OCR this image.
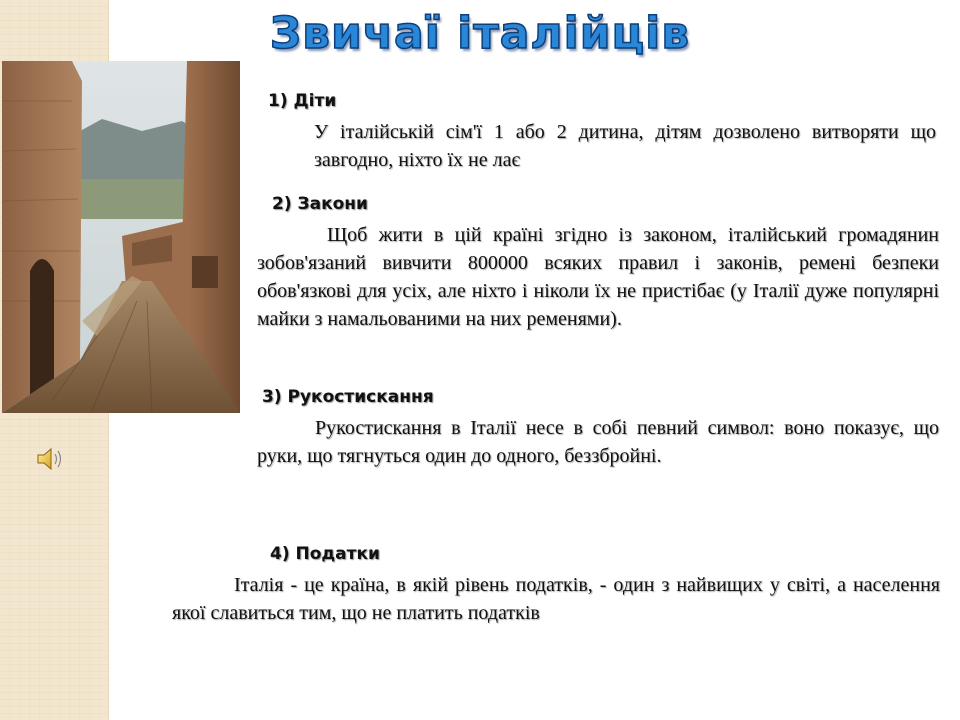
Звичаї італійців
1) Діти
У італійській сім'ї 1 або 2 дитина, дітям дозволено витворяти що завгодно, ніхто їх не лає
2) Закони
Щоб жити в цій країні згідно із законом, італійський громадянин зобов'язаний вивчити 800000 всяких правил і законів, ремені безпеки обов'язкові для усіх, але ніхто і ніколи їх не пристібає (у Італії дуже популярні майки з намальованими на них ременями).
3) Рукостискання
Рукостискання в Італії несе в собі певний символ: воно показує, що руки, що тягнуться один до одного, беззбройні.
4) Податки
Італія - це країна, в якій рівень податків, - один з найвищих у світі, а населення якої славиться тим, що не платить податків
